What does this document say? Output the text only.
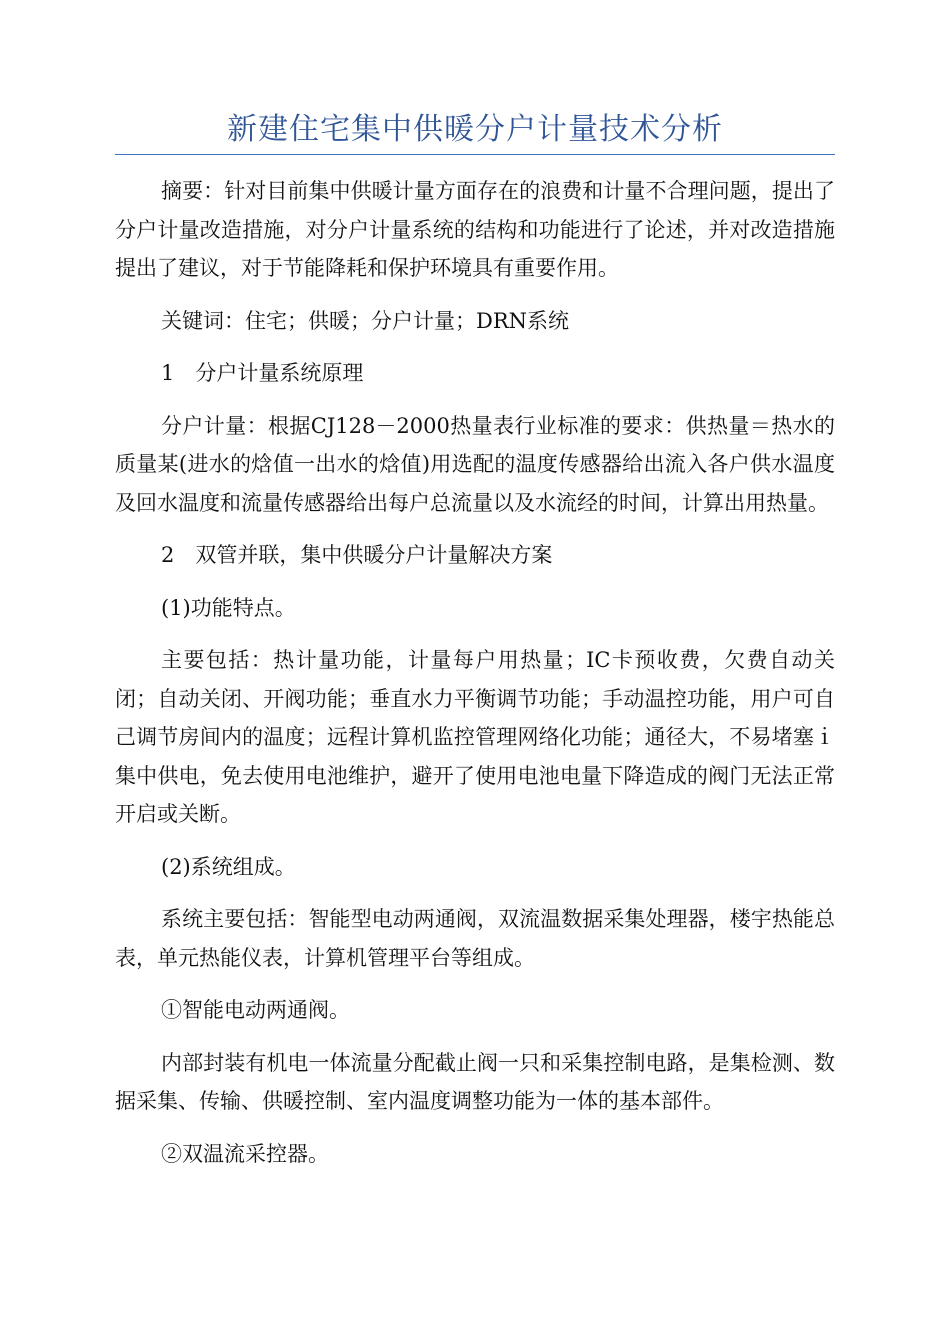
新建住宅集中供暖分户计量技术分析

摘要：针对目前集中供暖计量方面存在的浪费和计量不合理问题，提出了分户计量改造措施，对分户计量系统的结构和功能进行了论述，并对改造措施提出了建议，对于节能降耗和保护环境具有重要作用。

关键词：住宅；供暖；分户计量；DRN系统

1　分户计量系统原理

分户计量：根据CJ128－2000热量表行业标准的要求：供热量＝热水的质量某(进水的焓值一出水的焓值)用选配的温度传感器给出流入各户供水温度及回水温度和流量传感器给出每户总流量以及水流经的时间，计算出用热量。

2　双管并联，集中供暖分户计量解决方案

(1)功能特点。

主要包括：热计量功能，计量每户用热量；IC卡预收费，欠费自动关闭；自动关闭、开阀功能；垂直水力平衡调节功能；手动温控功能，用户可自己调节房间内的温度；远程计算机监控管理网络化功能；通径大，不易堵塞ｉ集中供电，免去使用电池维护，避开了使用电池电量下降造成的阀门无法正常开启或关断。

(2)系统组成。

系统主要包括：智能型电动两通阀，双流温数据采集处理器，楼宇热能总表，单元热能仪表，计算机管理平台等组成。

①智能电动两通阀。

内部封装有机电一体流量分配截止阀一只和采集控制电路，是集检测、数据采集、传输、供暖控制、室内温度调整功能为一体的基本部件。

②双温流采控器。
